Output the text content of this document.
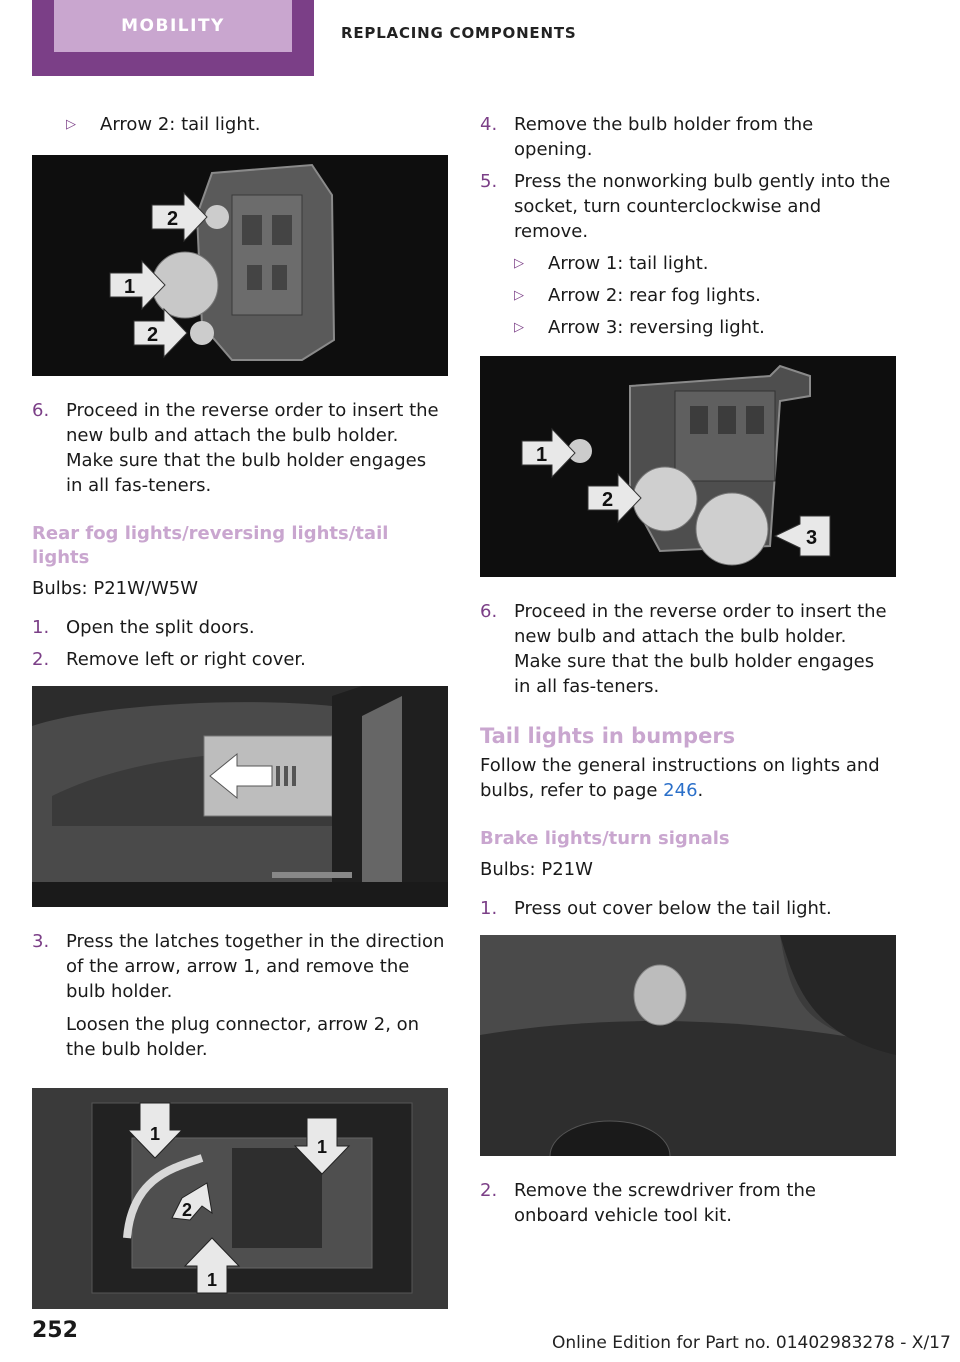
MOBILITY	REPLACING COMPONENTS

▷ Arrow 2: tail light.

2
1
2

6. Proceed in the reverse order to insert the new bulb and attach the bulb holder. Make sure that the bulb holder engages in all fas‐teners.

Rear fog lights/reversing lights/tail lights

Bulbs: P21W/W5W

1. Open the split doors.

2. Remove left or right cover.

3. Press the latches together in the direction of the arrow, arrow 1, and remove the bulb holder.

Loosen the plug connector, arrow 2, on the bulb holder.

1
1
2
1

4. Remove the bulb holder from the opening.

5. Press the nonworking bulb gently into the socket, turn counterclockwise and remove.

▷ Arrow 1: tail light.

▷ Arrow 2: rear fog lights.

▷ Arrow 3: reversing light.

1
2
3

6. Proceed in the reverse order to insert the new bulb and attach the bulb holder. Make sure that the bulb holder engages in all fas‐teners.

Tail lights in bumpers

Follow the general instructions on lights and bulbs, refer to page 246.

Brake lights/turn signals

Bulbs: P21W

1. Press out cover below the tail light.

2. Remove the screwdriver from the onboard vehicle tool kit.

252	Online Edition for Part no. 01402983278 - X/17
